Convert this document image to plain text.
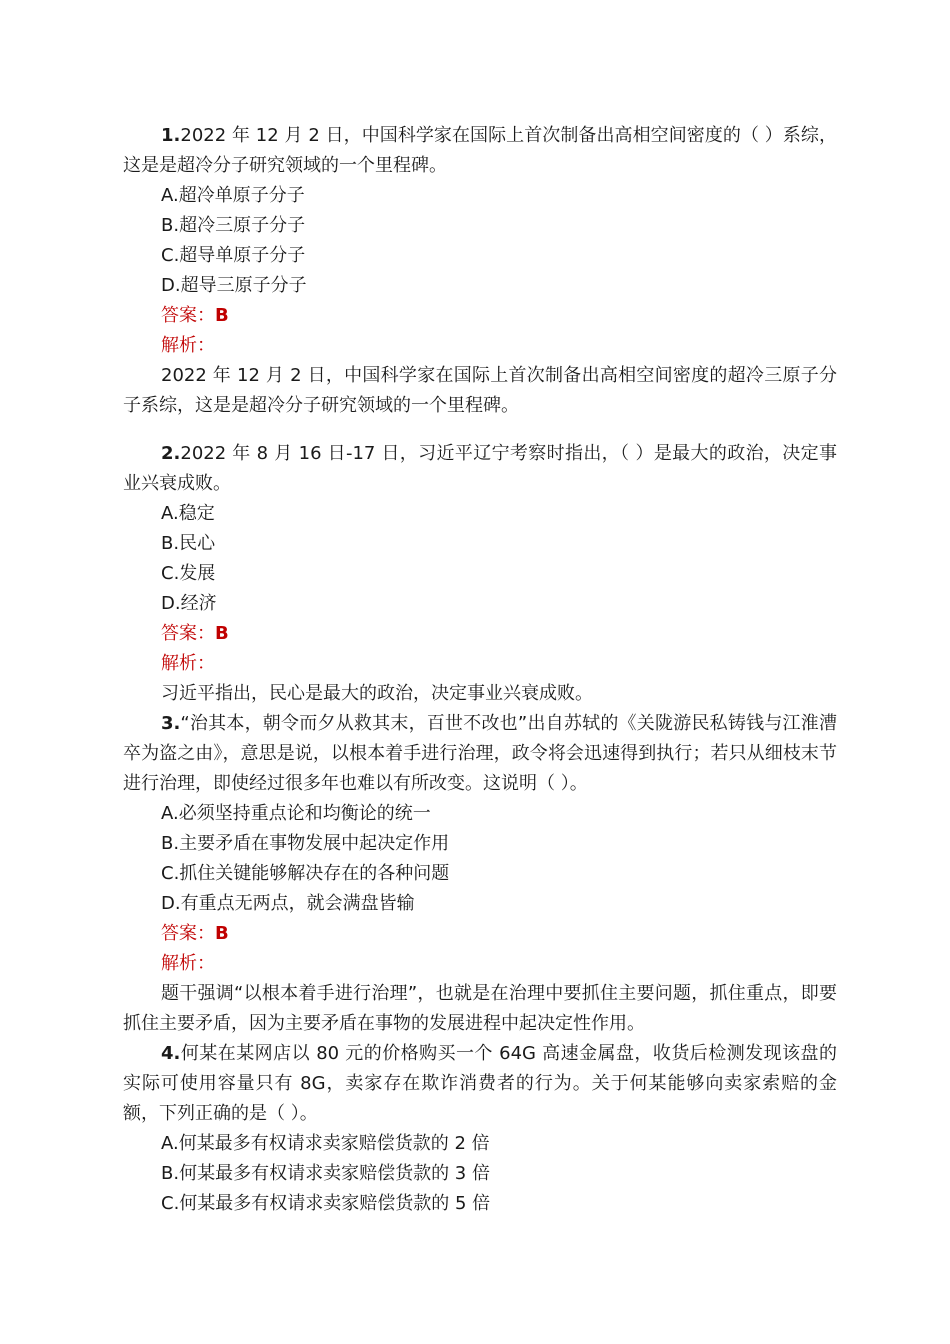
1.2022 年 12 月 2 日，中国科学家在国际上首次制备出高相空间密度的（ ）系综，这是是超冷分子研究领域的一个里程碑。
A.超冷单原子分子
B.超冷三原子分子
C.超导单原子分子
D.超导三原子分子
答案：B
解析：
2022 年 12 月 2 日，中国科学家在国际上首次制备出高相空间密度的超冷三原子分子系综，这是是超冷分子研究领域的一个里程碑。
2.2022 年 8 月 16 日-17 日，习近平辽宁考察时指出，（ ）是最大的政治，决定事业兴衰成败。
A.稳定
B.民心
C.发展
D.经济
答案：B
解析：
习近平指出，民心是最大的政治，决定事业兴衰成败。
3.“治其本，朝令而夕从救其末，百世不改也”出自苏轼的《关陇游民私铸钱与江淮漕卒为盗之由》，意思是说，以根本着手进行治理，政令将会迅速得到执行；若只从细枝末节进行治理，即使经过很多年也难以有所改变。这说明（ ）。
A.必须坚持重点论和均衡论的统一
B.主要矛盾在事物发展中起决定作用
C.抓住关键能够解决存在的各种问题
D.有重点无两点，就会满盘皆输
答案：B
解析：
题干强调“以根本着手进行治理”，也就是在治理中要抓住主要问题，抓住重点，即要抓住主要矛盾，因为主要矛盾在事物的发展进程中起决定性作用。
4.何某在某网店以 80 元的价格购买一个 64G 高速金属盘，收货后检测发现该盘的实际可使用容量只有 8G，卖家存在欺诈消费者的行为。关于何某能够向卖家索赔的金额，下列正确的是（ ）。
A.何某最多有权请求卖家赔偿货款的 2 倍
B.何某最多有权请求卖家赔偿货款的 3 倍
C.何某最多有权请求卖家赔偿货款的 5 倍
